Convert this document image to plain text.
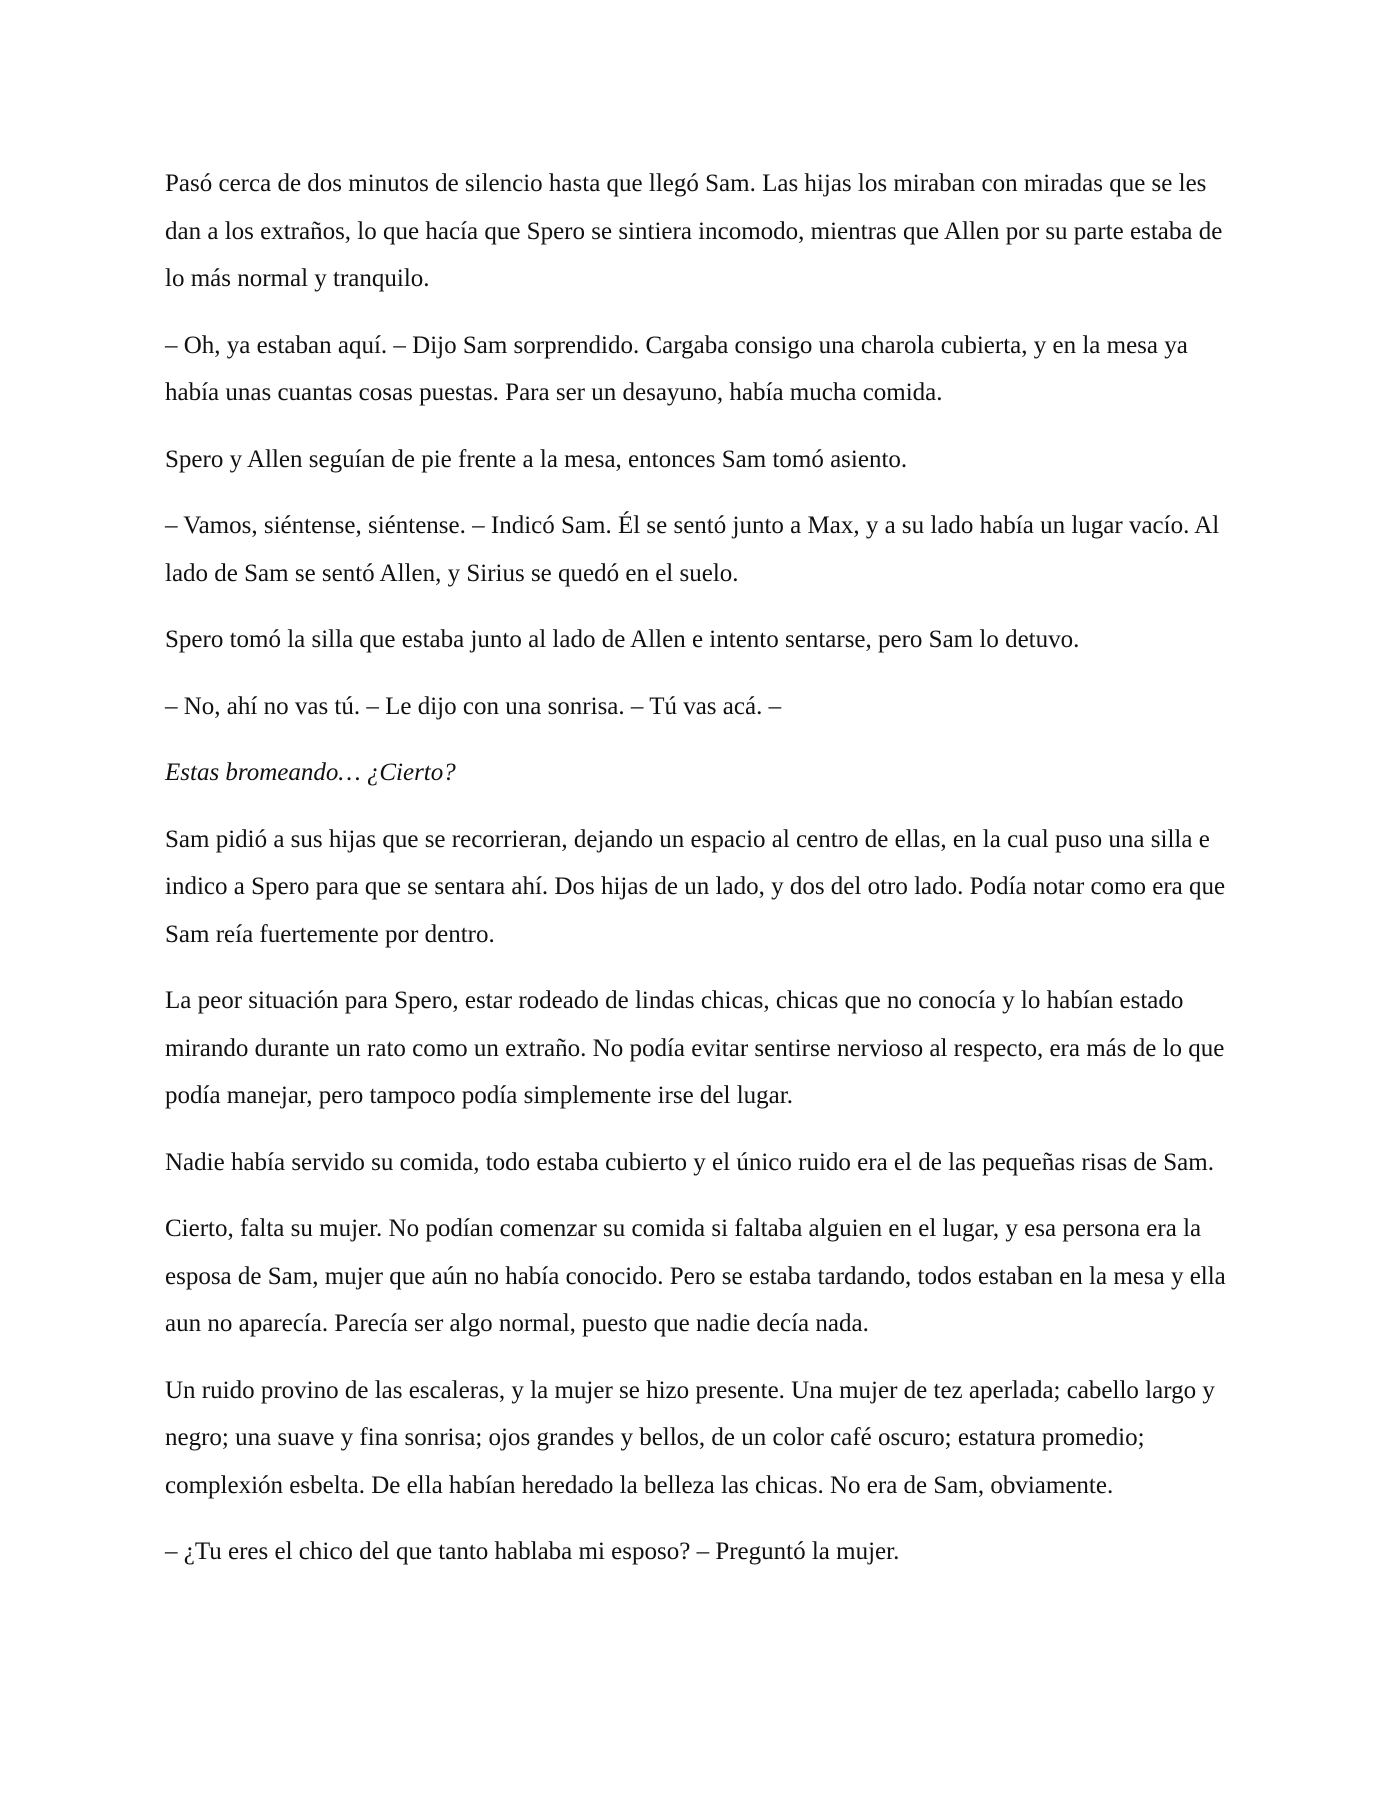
Pasó cerca de dos minutos de silencio hasta que llegó Sam. Las hijas los miraban con miradas que se les dan a los extraños, lo que hacía que Spero se sintiera incomodo, mientras que Allen por su parte estaba de lo más normal y tranquilo.

– Oh, ya estaban aquí. – Dijo Sam sorprendido. Cargaba consigo una charola cubierta, y en la mesa ya había unas cuantas cosas puestas. Para ser un desayuno, había mucha comida.

Spero y Allen seguían de pie frente a la mesa, entonces Sam tomó asiento.

– Vamos, siéntense, siéntense. – Indicó Sam. Él se sentó junto a Max, y a su lado había un lugar vacío. Al lado de Sam se sentó Allen, y Sirius se quedó en el suelo.

Spero tomó la silla que estaba junto al lado de Allen e intento sentarse, pero Sam lo detuvo.

– No, ahí no vas tú. – Le dijo con una sonrisa. – Tú vas acá. –

Estas bromeando… ¿Cierto?

Sam pidió a sus hijas que se recorrieran, dejando un espacio al centro de ellas, en la cual puso una silla e indico a Spero para que se sentara ahí. Dos hijas de un lado, y dos del otro lado. Podía notar como era que Sam reía fuertemente por dentro.

La peor situación para Spero, estar rodeado de lindas chicas, chicas que no conocía y lo habían estado mirando durante un rato como un extraño. No podía evitar sentirse nervioso al respecto, era más de lo que podía manejar, pero tampoco podía simplemente irse del lugar.

Nadie había servido su comida, todo estaba cubierto y el único ruido era el de las pequeñas risas de Sam.

Cierto, falta su mujer. No podían comenzar su comida si faltaba alguien en el lugar, y esa persona era la esposa de Sam, mujer que aún no había conocido. Pero se estaba tardando, todos estaban en la mesa y ella aun no aparecía. Parecía ser algo normal, puesto que nadie decía nada.

Un ruido provino de las escaleras, y la mujer se hizo presente. Una mujer de tez aperlada; cabello largo y negro; una suave y fina sonrisa; ojos grandes y bellos, de un color café oscuro; estatura promedio; complexión esbelta. De ella habían heredado la belleza las chicas. No era de Sam, obviamente.

– ¿Tu eres el chico del que tanto hablaba mi esposo? – Preguntó la mujer.
